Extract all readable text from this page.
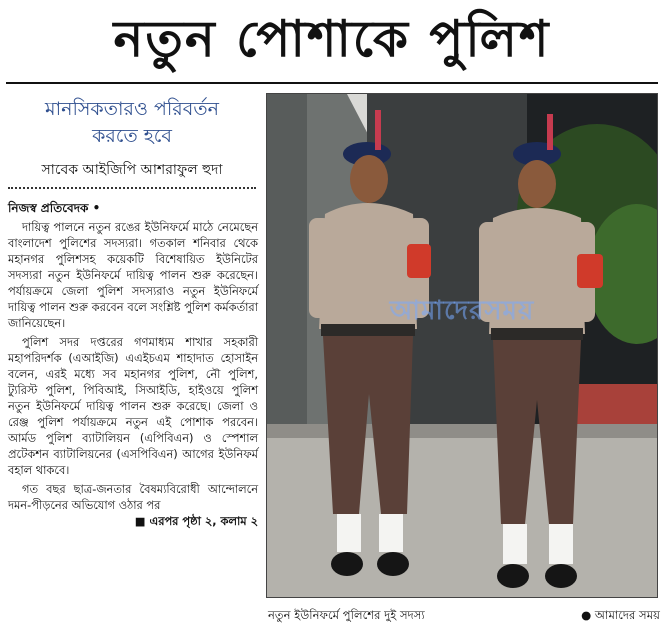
নতুন পোশাকে পুলিশ
মানসিকতারও পরিবর্তন
করতে হবে
সাবেক আইজিপি আশরাফুল হুদা

নিজস্ব প্রতিবেদক •

দায়িত্ব পালনে নতুন রঙের ইউনিফর্মে মাঠে নেমেছেন বাংলাদেশ পুলিশের সদস্যরা। গতকাল শনিবার থেকে মহানগর পুলিশসহ কয়েকটি বিশেষায়িত ইউনিটের সদস্যরা নতুন ইউনিফর্মে দায়িত্ব পালন শুরু করেছেন। পর্যায়ক্রমে জেলা পুলিশ সদস্যরাও নতুন ইউনিফর্মে দায়িত্ব পালন শুরু করবেন বলে সংশ্লিষ্ট পুলিশ কর্মকর্তারা জানিয়েছেন।

পুলিশ সদর দপ্তরের গণমাধ্যম শাখার সহকারী মহাপরিদর্শক (এআইজি) এএইচএম শাহাদাত হোসাইন বলেন, এরই মধ্যে সব মহানগর পুলিশ, নৌ পুলিশ, ট্যুরিস্ট পুলিশ, পিবিআই, সিআইডি, হাইওয়ে পুলিশ নতুন ইউনিফর্মে দায়িত্ব পালন শুরু করেছে। জেলা ও রেঞ্জ পুলিশ পর্যায়ক্রমে নতুন এই পোশাক পরবেন। আর্মড পুলিশ ব্যাটালিয়ন (এপিবিএন) ও স্পেশাল প্রটেকশন ব্যাটালিয়নের (এসপিবিএন) আগের ইউনিফর্ম বহাল থাকবে।

গত বছর ছাত্র-জনতার বৈষম্যবিরোধী আন্দোলনে দমন-পীড়নের অভিযোগ ওঠার পর
■ এরপর পৃষ্ঠা ২, কলাম ২

আমাদেরসময়
নতুন ইউনিফর্মে পুলিশের দুই সদস্য	● আমাদের সময়
